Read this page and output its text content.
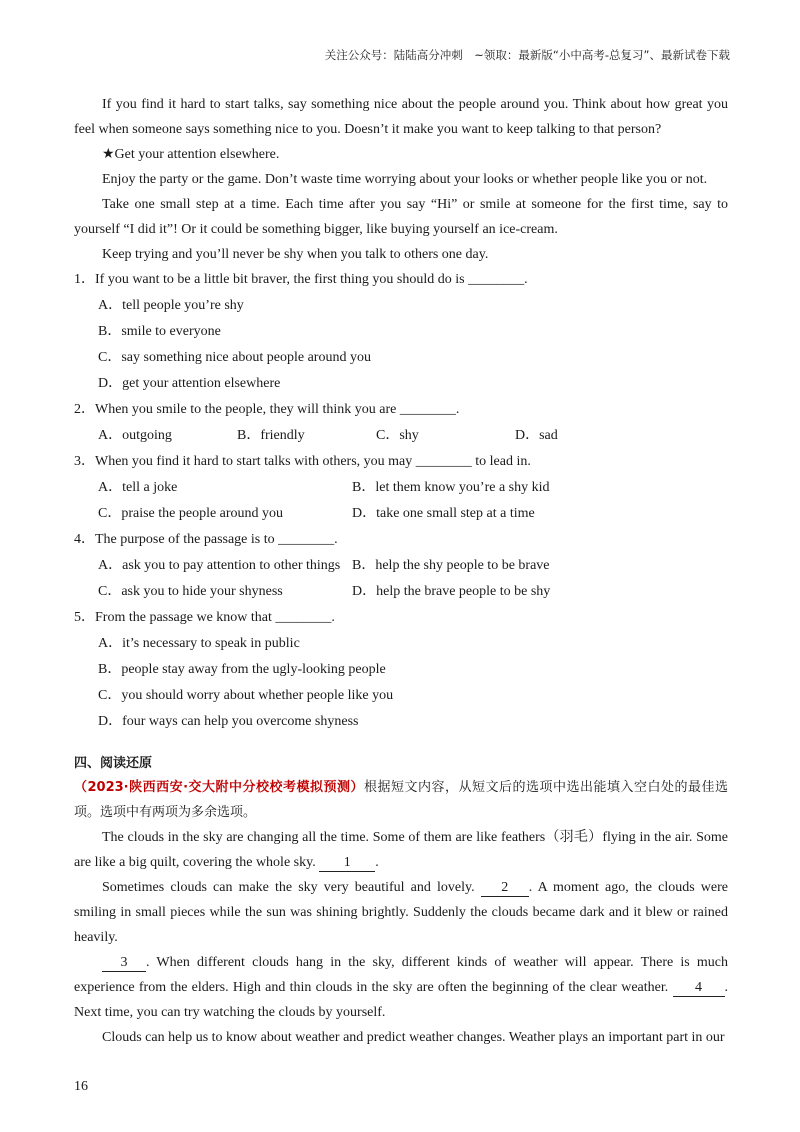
关注公众号：陆陆高分冲刺　~领取：最新版“小中高考-总复习”、最新试卷下载

If you find it hard to start talks, say something nice about the people around you. Think about how great you feel when someone says something nice to you. Doesn’t it make you want to keep talking to that person?

★Get your attention elsewhere.

Enjoy the party or the game. Don’t waste time worrying about your looks or whether people like you or not.

Take one small step at a time. Each time after you say “Hi” or smile at someone for the first time, say to yourself “I did it”! Or it could be something bigger, like buying yourself an ice-cream.

Keep trying and you’ll never be shy when you talk to others one day.

1．If you want to be a little bit braver, the first thing you should do is ________.

A．tell people you’re shy

B．smile to everyone

C．say something nice about people around you

D．get your attention elsewhere

2．When you smile to the people, they will think you are ________.

A．outgoing	B．friendly	C．shy	D．sad

3．When you find it hard to start talks with others, you may ________ to lead in.

A．tell a joke	B．let them know you’re a shy kid
C．praise the people around you	D．take one small step at a time

4．The purpose of the passage is to ________.

A．ask you to pay attention to other things B．help the shy people to be brave
C．ask you to hide your shyness	D．help the brave people to be shy

5．From the passage we know that ________.

A．it’s necessary to speak in public

B．people stay away from the ugly-looking people

C．you should worry about whether people like you

D．four ways can help you overcome shyness

四、阅读还原

（2023·陕西西安·交大附中分校校考模拟预测）根据短文内容，从短文后的选项中选出能填入空白处的最佳选项。选项中有两项为多余选项。

The clouds in the sky are changing all the time. Some of them are like feathers（羽毛）flying in the air. Some are like a big quilt, covering the whole sky. 1 .

Sometimes clouds can make the sky very beautiful and lovely. 2 . A moment ago, the clouds were smiling in small pieces while the sun was shining brightly. Suddenly the clouds became dark and it blew or rained heavily.

3 . When different clouds hang in the sky, different kinds of weather will appear. There is much experience from the elders. High and thin clouds in the sky are often the beginning of the clear weather. 4 . Next time, you can try watching the clouds by yourself.

Clouds can help us to know about weather and predict weather changes. Weather plays an important part in our

16
